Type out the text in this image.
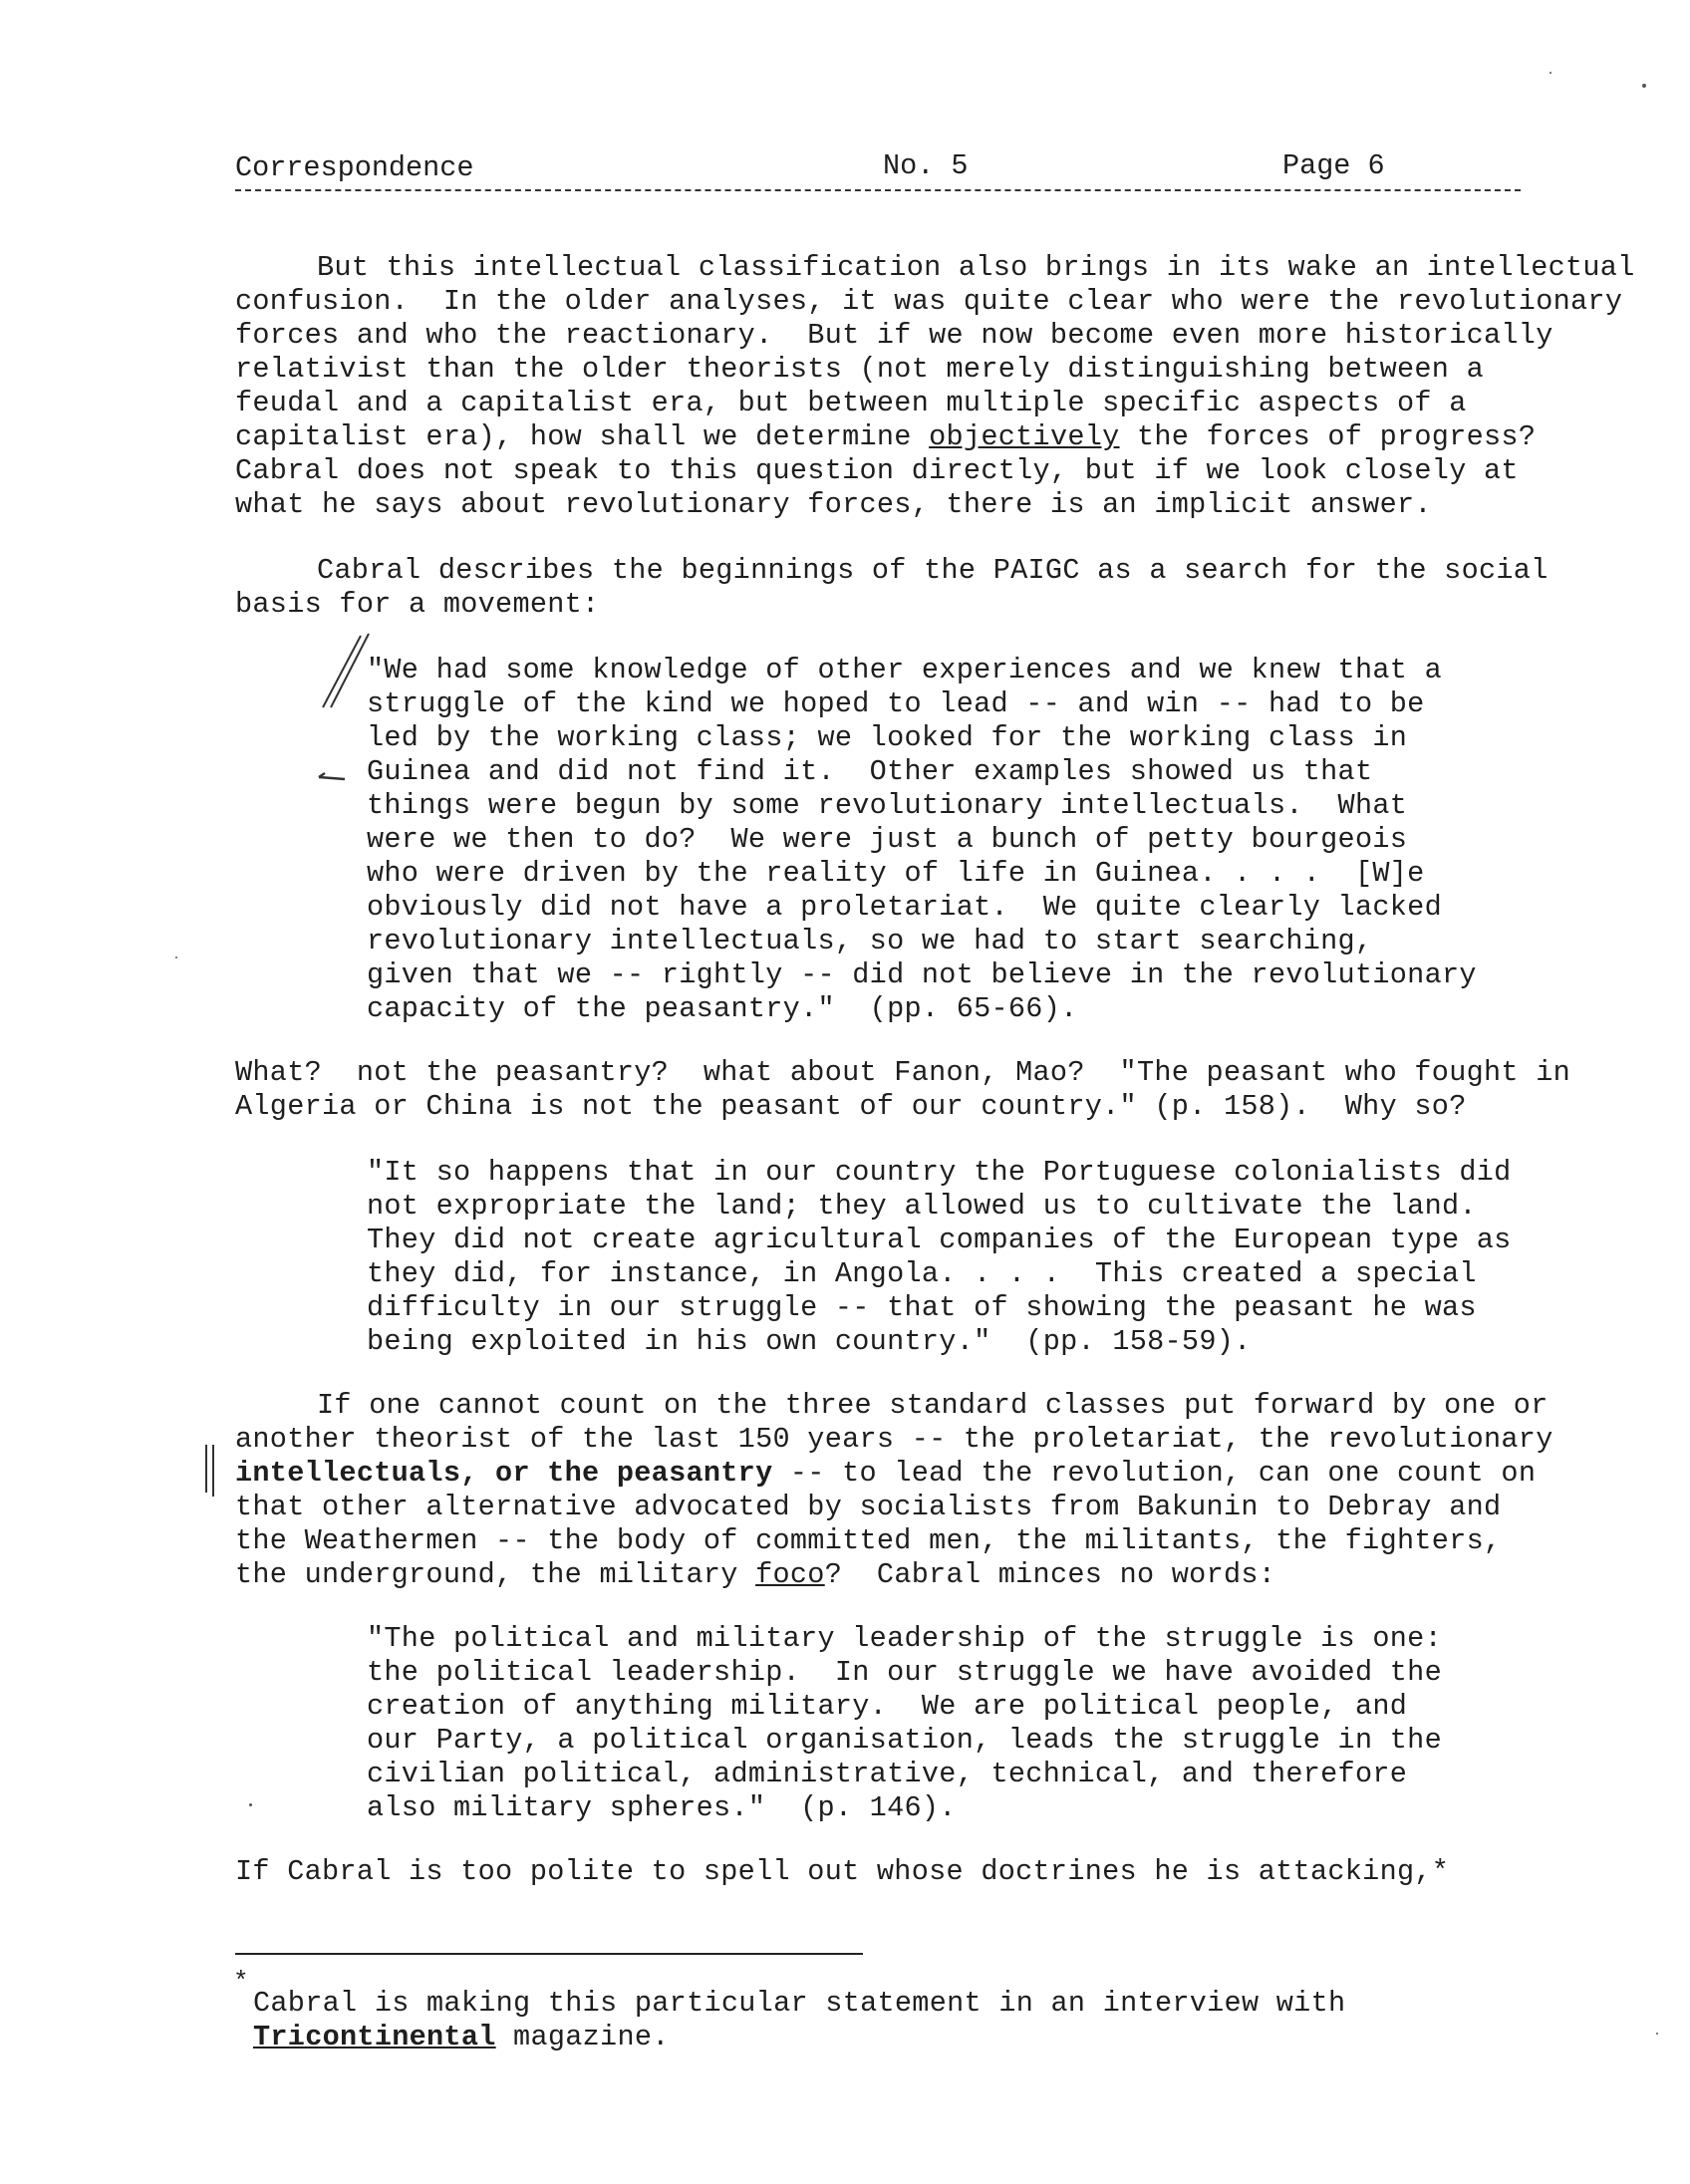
Correspondence	No. 5	Page 6
But this intellectual classification also brings in its wake an intellectual
confusion.  In the older analyses, it was quite clear who were the revolutionary
forces and who the reactionary.  But if we now become even more historically
relativist than the older theorists (not merely distinguishing between a
feudal and a capitalist era, but between multiple specific aspects of a
capitalist era), how shall we determine objectively the forces of progress?
Cabral does not speak to this question directly, but if we look closely at
what he says about revolutionary forces, there is an implicit answer.
Cabral describes the beginnings of the PAIGC as a search for the social
basis for a movement:
"We had some knowledge of other experiences and we knew that a
struggle of the kind we hoped to lead -- and win -- had to be
led by the working class; we looked for the working class in
Guinea and did not find it.  Other examples showed us that
things were begun by some revolutionary intellectuals.  What
were we then to do?  We were just a bunch of petty bourgeois
who were driven by the reality of life in Guinea. . . .  [W]e
obviously did not have a proletariat.  We quite clearly lacked
revolutionary intellectuals, so we had to start searching,
given that we -- rightly -- did not believe in the revolutionary
capacity of the peasantry."  (pp. 65-66).
What?  not the peasantry?  what about Fanon, Mao?  "The peasant who fought in
Algeria or China is not the peasant of our country." (p. 158).  Why so?
"It so happens that in our country the Portuguese colonialists did
not expropriate the land; they allowed us to cultivate the land.
They did not create agricultural companies of the European type as
they did, for instance, in Angola. . . .  This created a special
difficulty in our struggle -- that of showing the peasant he was
being exploited in his own country."  (pp. 158-59).
If one cannot count on the three standard classes put forward by one or
another theorist of the last 150 years -- the proletariat, the revolutionary
intellectuals, or the peasantry -- to lead the revolution, can one count on
that other alternative advocated by socialists from Bakunin to Debray and
the Weathermen -- the body of committed men, the militants, the fighters,
the underground, the military foco?  Cabral minces no words:
"The political and military leadership of the struggle is one:
the political leadership.  In our struggle we have avoided the
creation of anything military.  We are political people, and
our Party, a political organisation, leads the struggle in the
civilian political, administrative, technical, and therefore
also military spheres."  (p. 146).
If Cabral is too polite to spell out whose doctrines he is attacking,*
*
Cabral is making this particular statement in an interview with
Tricontinental magazine.
